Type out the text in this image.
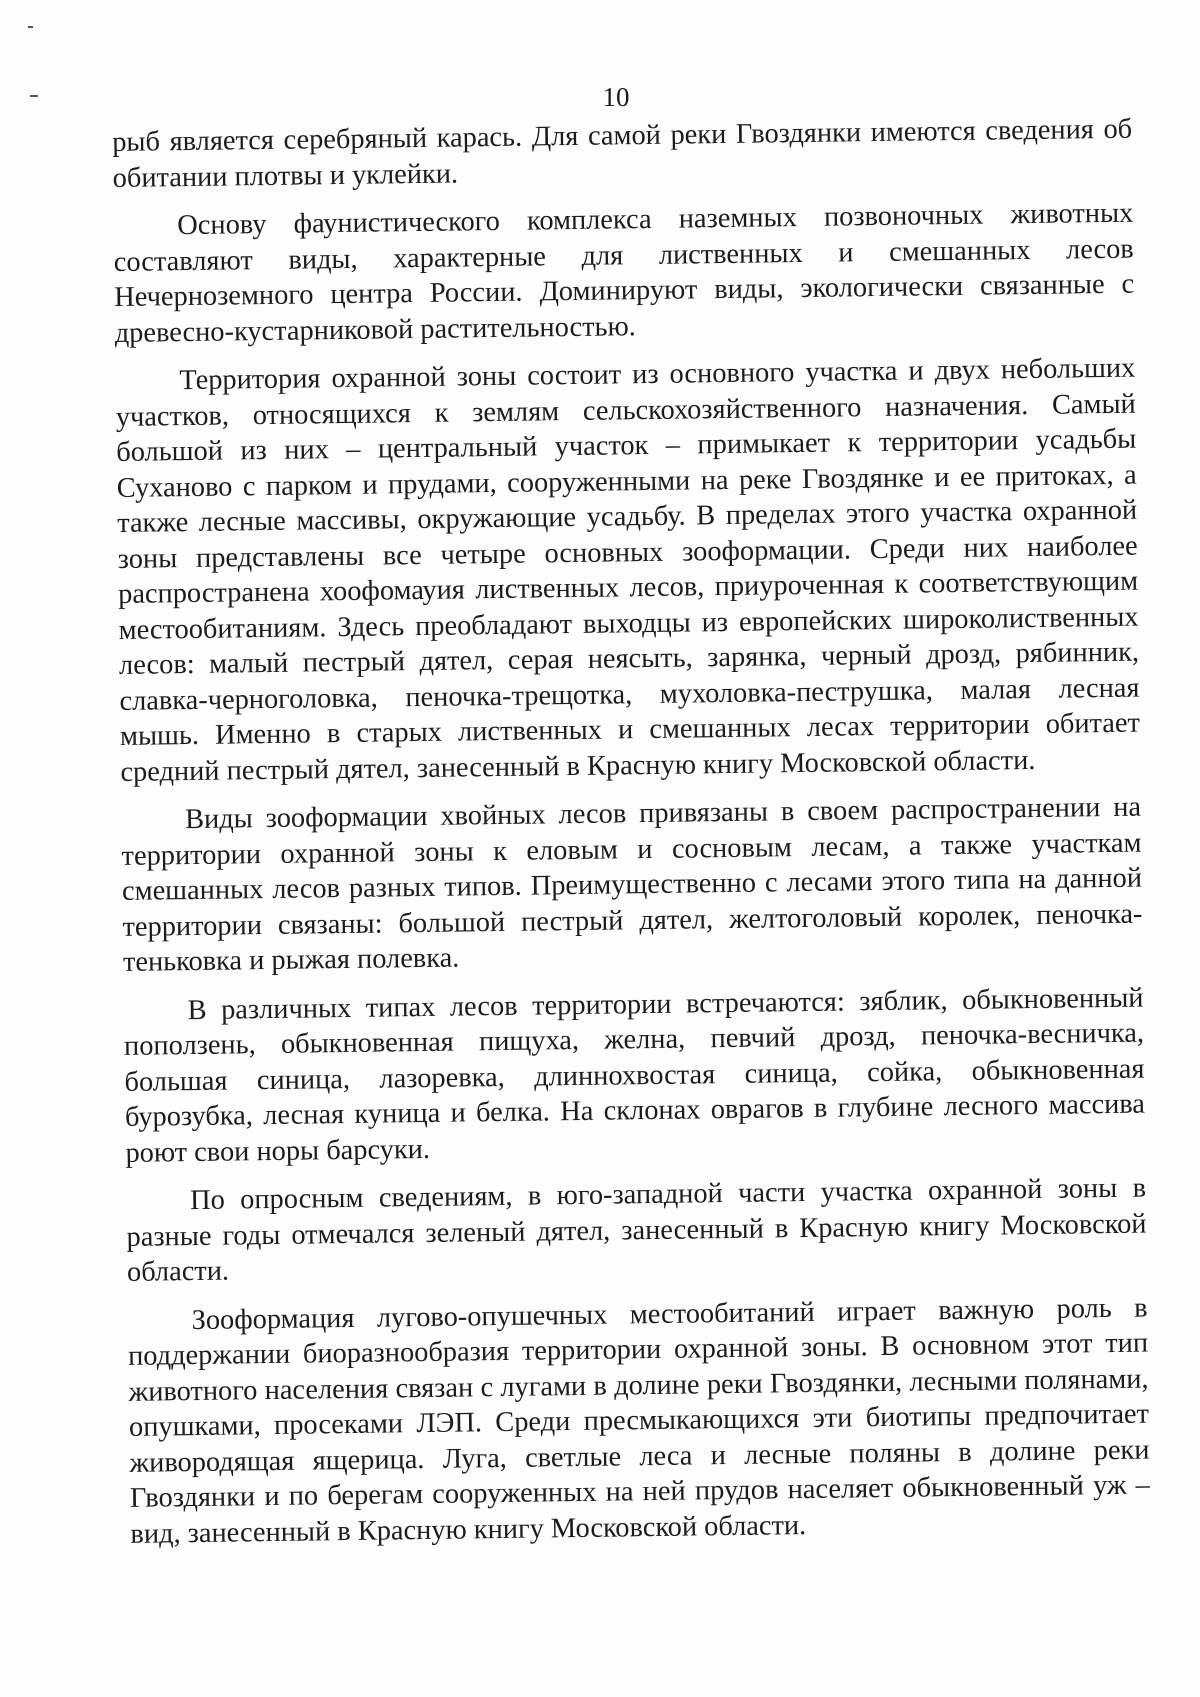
10

рыб является серебряный карась. Для самой реки Гвоздянки имеются сведения об обитании плотвы и уклейки.

Основу фаунистического комплекса наземных позвоночных животных составляют виды, характерные для лиственных и смешанных лесов Нечерноземного центра России. Доминируют виды, экологически связанные с древесно-кустарниковой растительностью.

Территория охранной зоны состоит из основного участка и двух небольших участков, относящихся к землям сельскохозяйственного назначения. Самый большой из них – центральный участок – примыкает к территории усадьбы Суханово с парком и прудами, сооруженными на реке Гвоздянке и ее притоках, а также лесные массивы, окружающие усадьбу. В пределах этого участка охранной зоны представлены все четыре основных зооформации. Среди них наиболее распространена хоофомауия лиственных лесов, приуроченная к соответствующим местообитаниям. Здесь преобладают выходцы из европейских широколиственных лесов: малый пестрый дятел, серая неясыть, зарянка, черный дрозд, рябинник, славка-черноголовка, пеночка-трещотка, мухоловка-пеструшка, малая лесная мышь. Именно в старых лиственных и смешанных лесах территории обитает средний пестрый дятел, занесенный в Красную книгу Московской области.

Виды зооформации хвойных лесов привязаны в своем распространении на территории охранной зоны к еловым и сосновым лесам, а также участкам смешанных лесов разных типов. Преимущественно с лесами этого типа на данной территории связаны: большой пестрый дятел, желтоголовый королек, пеночка-теньковка и рыжая полевка.

В различных типах лесов территории встречаются: зяблик, обыкновенный поползень, обыкновенная пищуха, желна, певчий дрозд, пеночка-весничка, большая синица, лазоревка, длиннохвостая синица, сойка, обыкновенная бурозубка, лесная куница и белка. На склонах оврагов в глубине лесного массива роют свои норы барсуки.

По опросным сведениям, в юго-западной части участка охранной зоны в разные годы отмечался зеленый дятел, занесенный в Красную книгу Московской области.

Зооформация лугово-опушечных местообитаний играет важную роль в поддержании биоразнообразия территории охранной зоны. В основном этот тип животного населения связан с лугами в долине реки Гвоздянки, лесными полянами, опушками, просеками ЛЭП. Среди пресмыкающихся эти биотипы предпочитает живородящая ящерица. Луга, светлые леса и лесные поляны в долине реки Гвоздянки и по берегам сооруженных на ней прудов населяет обыкновенный уж – вид, занесенный в Красную книгу Московской области.
